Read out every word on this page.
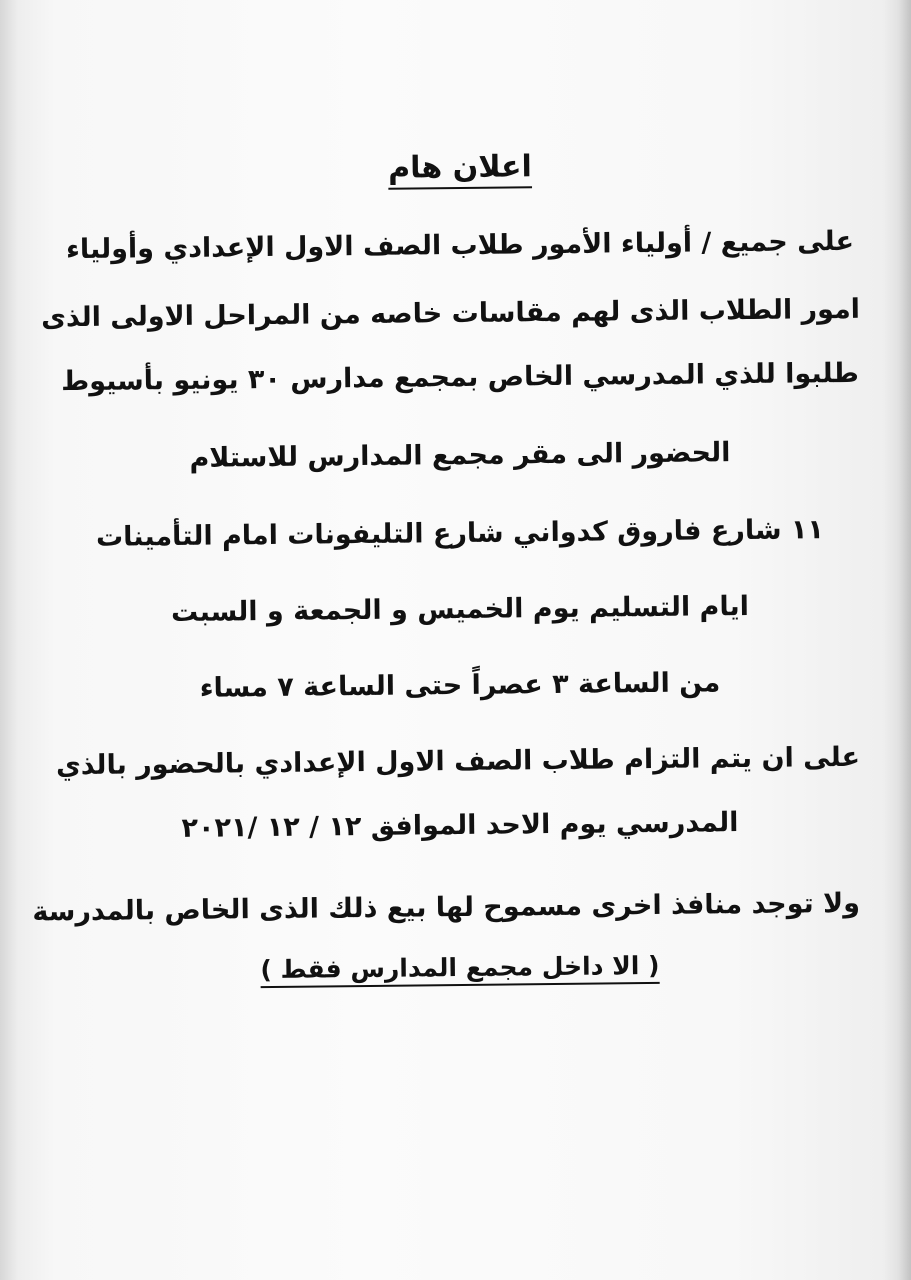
اعلان هام
على جميع / أولياء الأمور طلاب الصف الاول الإعدادي وأولياء
امور الطلاب الذى لهم مقاسات خاصه من المراحل الاولى الذى
طلبوا للذي المدرسي الخاص بمجمع مدارس ٣٠ يونيو بأسيوط
الحضور الى مقر مجمع المدارس للاستلام
١١ شارع فاروق كدواني شارع التليفونات امام التأمينات
ايام التسليم يوم الخميس و الجمعة و السبت
من الساعة ٣ عصراً حتى الساعة ٧ مساء
على ان يتم التزام طلاب الصف الاول الإعدادي بالحضور بالذي
المدرسي يوم الاحد الموافق ١٢ / ١٢ /٢٠٢١
ولا توجد منافذ اخرى مسموح لها بيع ذلك الذى الخاص بالمدرسة
( الا داخل مجمع المدارس فقط )
